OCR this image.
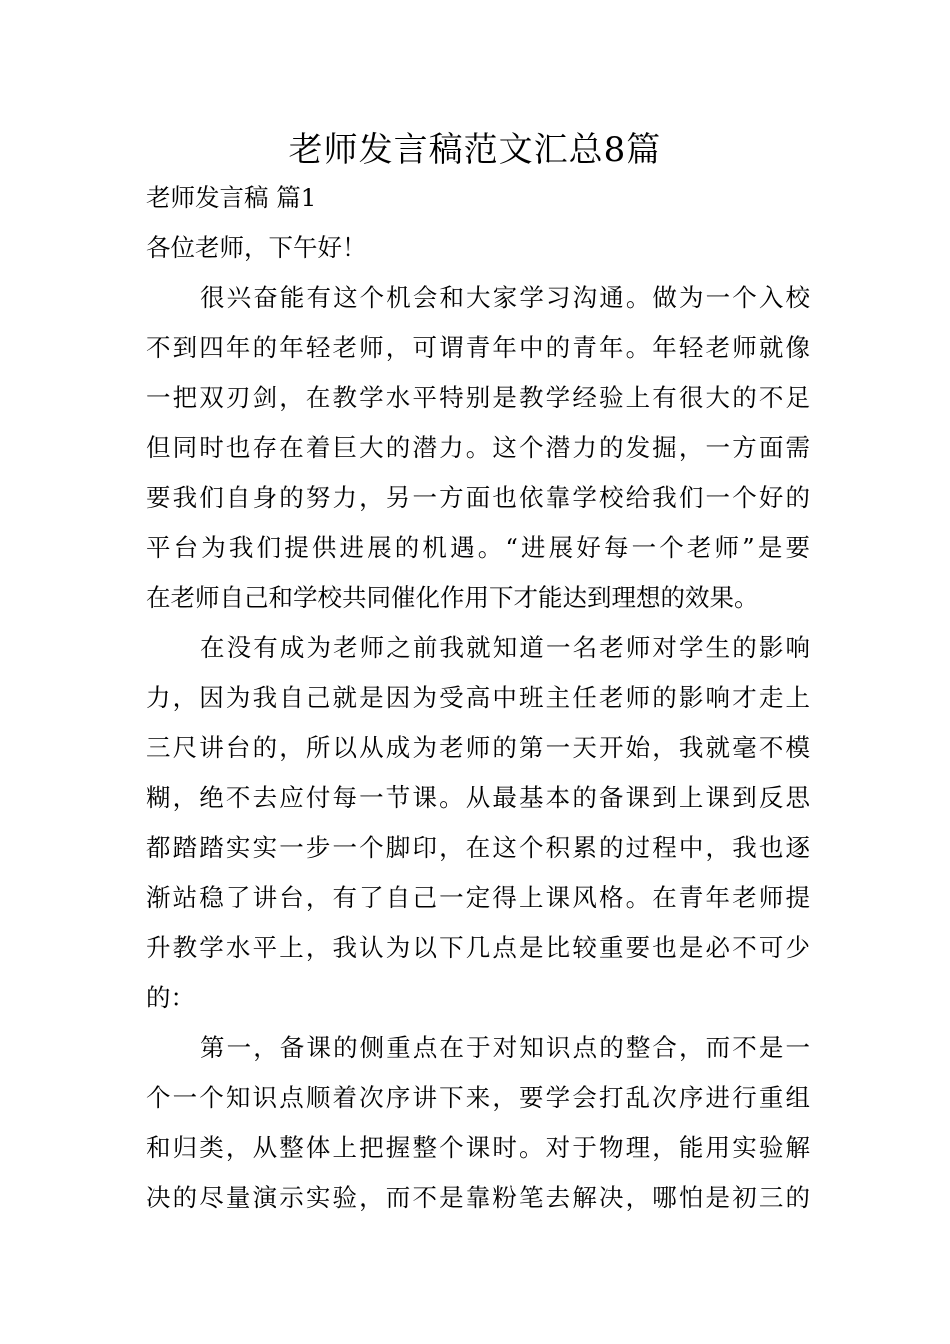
老师发言稿范文汇总8篇

老师发言稿 篇1

各位老师，下午好！

很兴奋能有这个机会和大家学习沟通。做为一个入校

不到四年的年轻老师，可谓青年中的青年。年轻老师就像

一把双刃剑，在教学水平特别是教学经验上有很大的不足

但同时也存在着巨大的潜力。这个潜力的发掘，一方面需

要我们自身的努力，另一方面也依靠学校给我们一个好的

平台为我们提供进展的机遇。“进展好每一个老师”是要

在老师自己和学校共同催化作用下才能达到理想的效果。

在没有成为老师之前我就知道一名老师对学生的影响

力，因为我自己就是因为受高中班主任老师的影响才走上

三尺讲台的，所以从成为老师的第一天开始，我就毫不模

糊，绝不去应付每一节课。从最基本的备课到上课到反思

都踏踏实实一步一个脚印，在这个积累的过程中，我也逐

渐站稳了讲台，有了自己一定得上课风格。在青年老师提

升教学水平上，我认为以下几点是比较重要也是必不可少

的：

第一，备课的侧重点在于对知识点的整合，而不是一

个一个知识点顺着次序讲下来，要学会打乱次序进行重组

和归类，从整体上把握整个课时。对于物理，能用实验解

决的尽量演示实验，而不是靠粉笔去解决，哪怕是初三的
